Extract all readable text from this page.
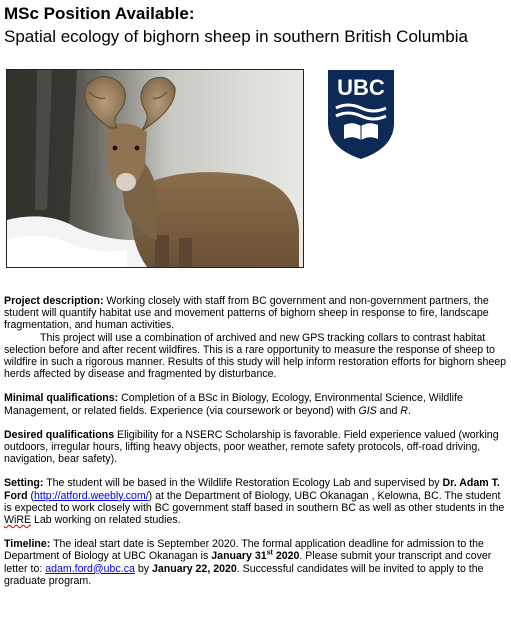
MSc Position Available:
Spatial ecology of bighorn sheep in southern British Columbia
UBC

Project description: Working closely with staff from BC government and non-government partners, the student will quantify habitat use and movement patterns of bighorn sheep in response to fire, landscape fragmentation, and human activities.

This project will use a combination of archived and new GPS tracking collars to contrast habitat selection before and after recent wildfires. This is a rare opportunity to measure the response of sheep to wildfire in such a rigorous manner. Results of this study will help inform restoration efforts for bighorn sheep herds affected by disease and fragmented by disturbance.

Minimal qualifications: Completion of a BSc in Biology, Ecology, Environmental Science, Wildlife Management, or related fields. Experience (via coursework or beyond) with GIS and R.

Desired qualifications Eligibility for a NSERC Scholarship is favorable. Field experience valued (working outdoors, irregular hours, lifting heavy objects, poor weather, remote safety protocols, off-road driving, navigation, bear safety).

Setting: The student will be based in the Wildlife Restoration Ecology Lab and supervised by Dr. Adam T. Ford (http://atford.weebly.com/) at the Department of Biology, UBC Okanagan , Kelowna, BC. The student is expected to work closely with BC government staff based in southern BC as well as other students in the WiRE Lab working on related studies.

Timeline: The ideal start date is September 2020. The formal application deadline for admission to the Department of Biology at UBC Okanagan is January 31st 2020. Please submit your transcript and cover letter to: adam.ford@ubc.ca by January 22, 2020. Successful candidates will be invited to apply to the graduate program.
